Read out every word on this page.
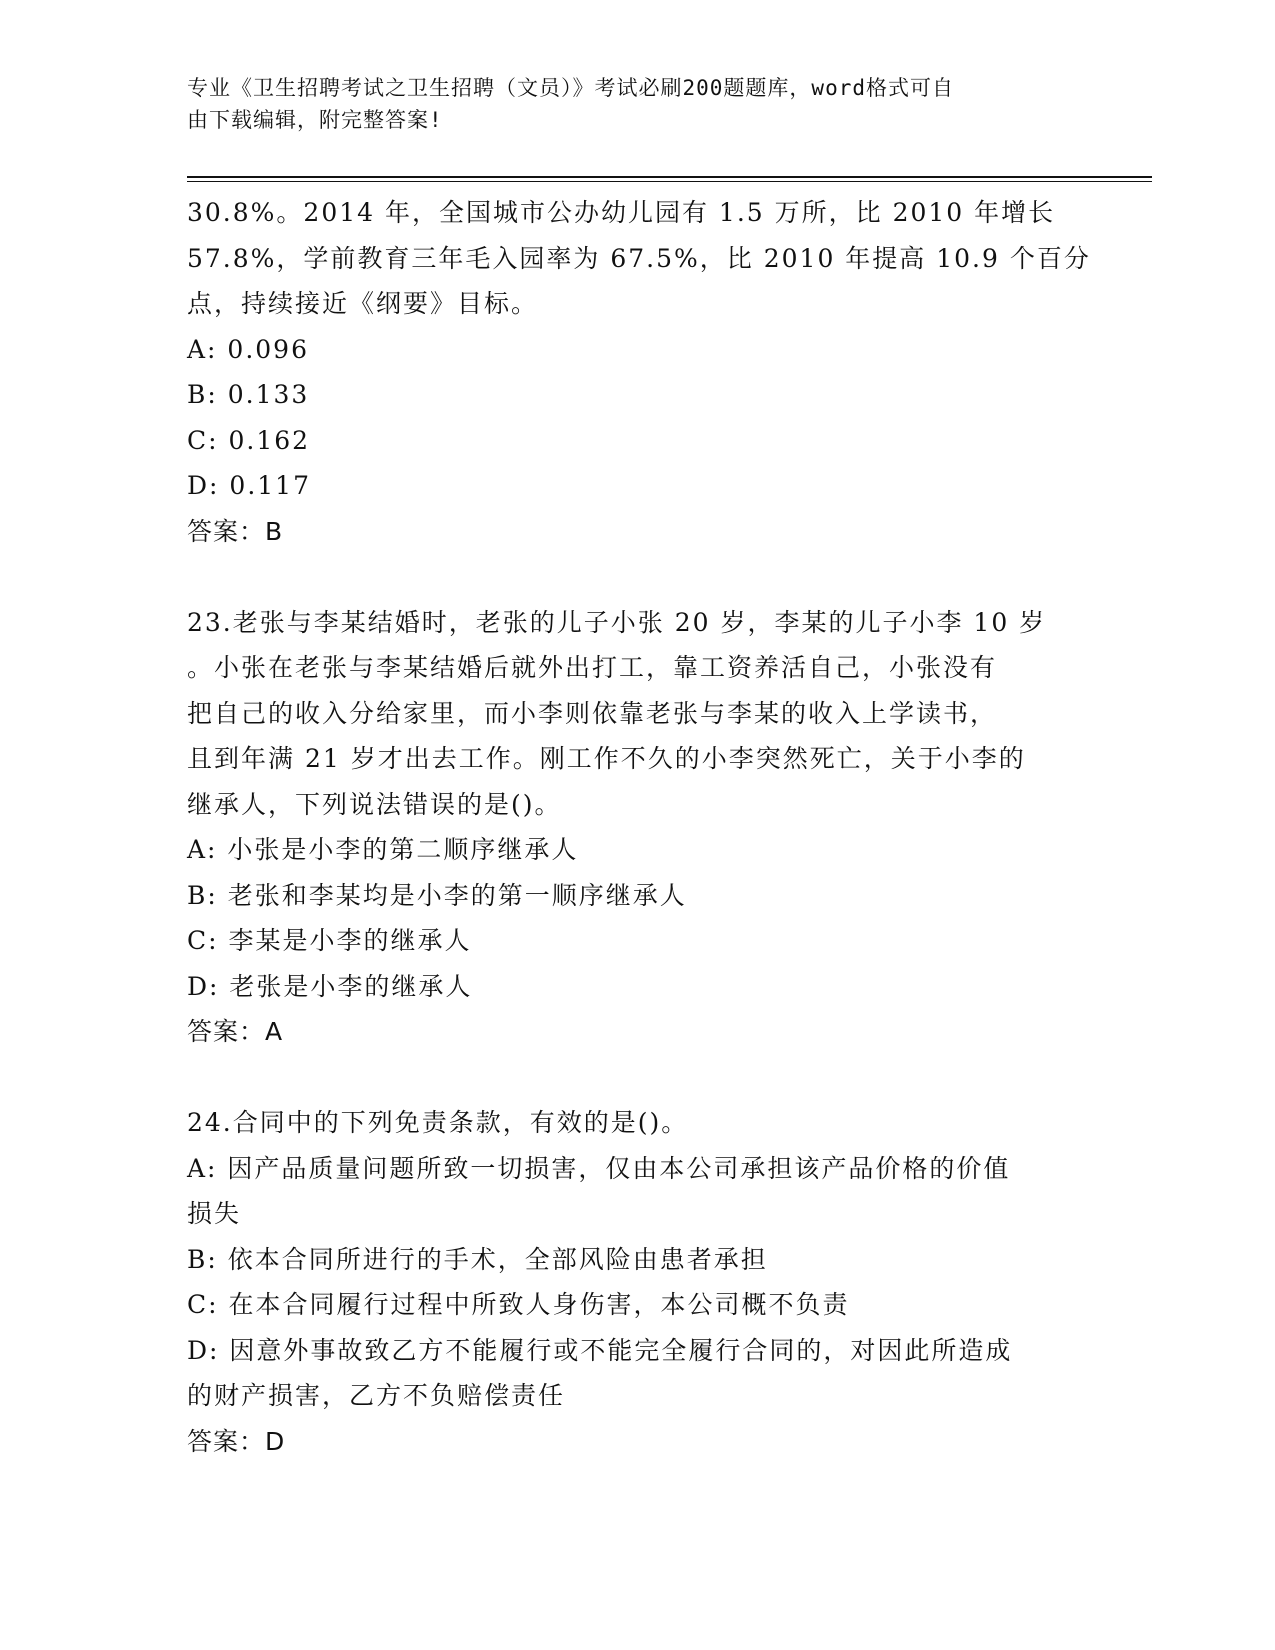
专业《卫生招聘考试之卫生招聘（文员）》考试必刷200题题库，word格式可自
由下载编辑，附完整答案!
30.8%。2014 年，全国城市公办幼儿园有 1.5 万所，比 2010 年增长
57.8%，学前教育三年毛入园率为 67.5%，比 2010 年提高 10.9 个百分
点，持续接近《纲要》目标。
A: 0.096
B: 0.133
C: 0.162
D: 0.117
答案：B
23.老张与李某结婚时，老张的儿子小张 20 岁，李某的儿子小李 10 岁
。小张在老张与李某结婚后就外出打工，靠工资养活自己，小张没有
把自己的收入分给家里，而小李则依靠老张与李某的收入上学读书，
且到年满 21 岁才出去工作。刚工作不久的小李突然死亡，关于小李的
继承人，下列说法错误的是()。
A: 小张是小李的第二顺序继承人
B: 老张和李某均是小李的第一顺序继承人
C: 李某是小李的继承人
D: 老张是小李的继承人
答案：A
24.合同中的下列免责条款，有效的是()。
A: 因产品质量问题所致一切损害，仅由本公司承担该产品价格的价值
损失
B: 依本合同所进行的手术，全部风险由患者承担
C: 在本合同履行过程中所致人身伤害，本公司概不负责
D: 因意外事故致乙方不能履行或不能完全履行合同的，对因此所造成
的财产损害，乙方不负赔偿责任
答案：D
